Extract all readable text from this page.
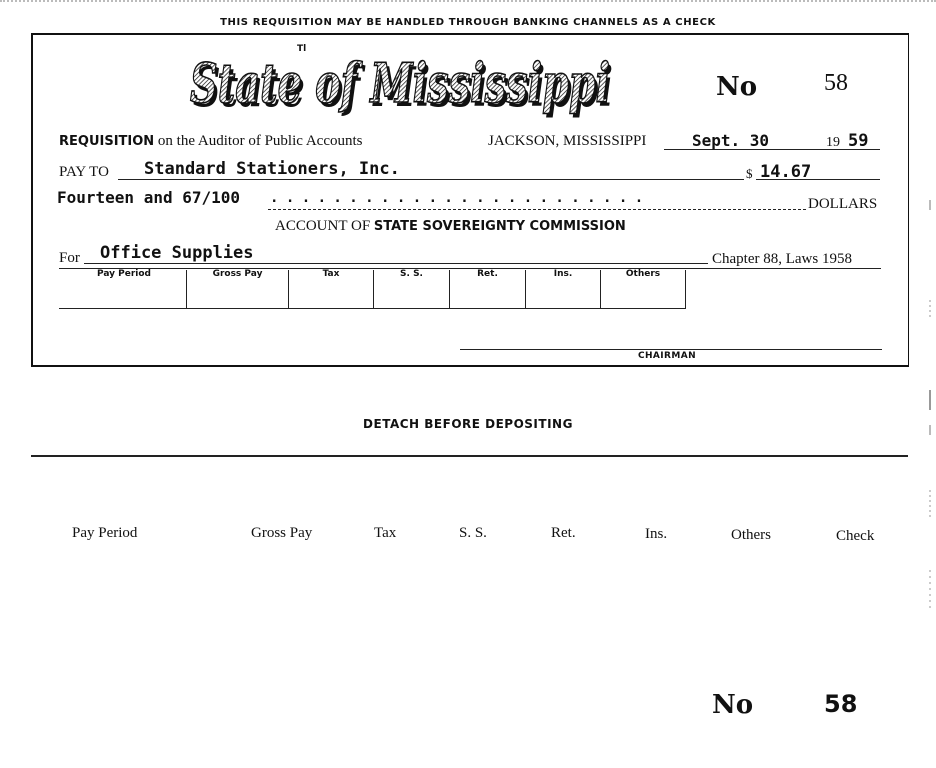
THIS REQUISITION MAY BE HANDLED THROUGH BANKING CHANNELS AS A CHECK
State of Mississippi
State of Mississippi
Tl
No	58
REQUISITION on the Auditor of Public Accounts	JACKSON, MISSISSIPPI	Sept. 30	19 59
PAY TO Standard Stationers, Inc.	$ 14.67
Fourteen and 67/100 . . . . . . . . . . . . . . . . . . . . . . . .	DOLLARS
ACCOUNT OF STATE SOVEREIGNTY COMMISSION
For Office Supplies	Chapter 88, Laws 1958
Pay Period	Gross Pay	Tax	S. S.	Ret.	Ins.	Others
CHAIRMAN
DETACH BEFORE DEPOSITING
Pay Period	Gross Pay	Tax	S. S.	Ret.	Ins.	Others	Check
No	58
